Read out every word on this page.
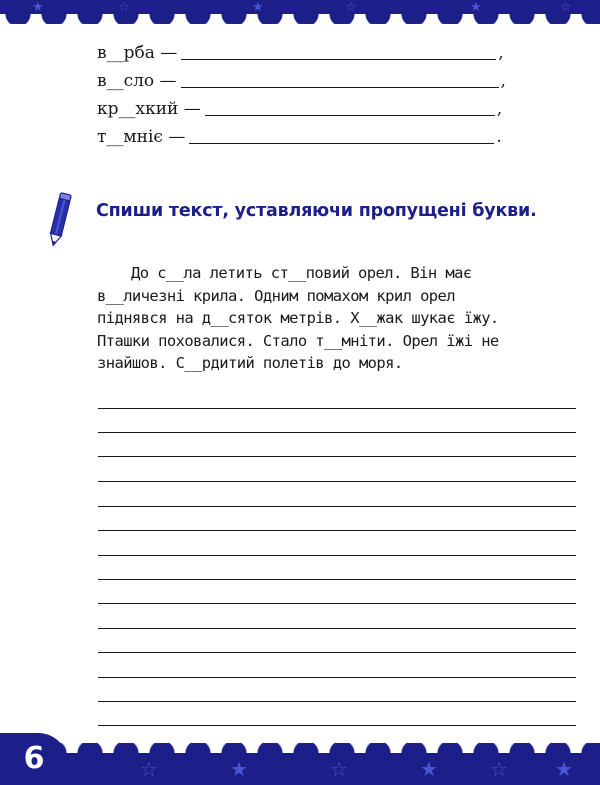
★	☆	★	☆	★	☆
в__рба —	,
в__сло —	,
кр__хкий —	,
т__мніє —	.
Спиши текст, уставляючи пропущені букви.
До с__ла летить ст__повий орел. Він має
в__личезні крила. Одним помахом крил орел
піднявся на д__сяток метрів. Х__жак шукає їжу.
Пташки поховалися. Стало т__мніти. Орел їжі не
знайшов. С__рдитий полетів до моря.
☆	★	☆	★	☆ ★
6
